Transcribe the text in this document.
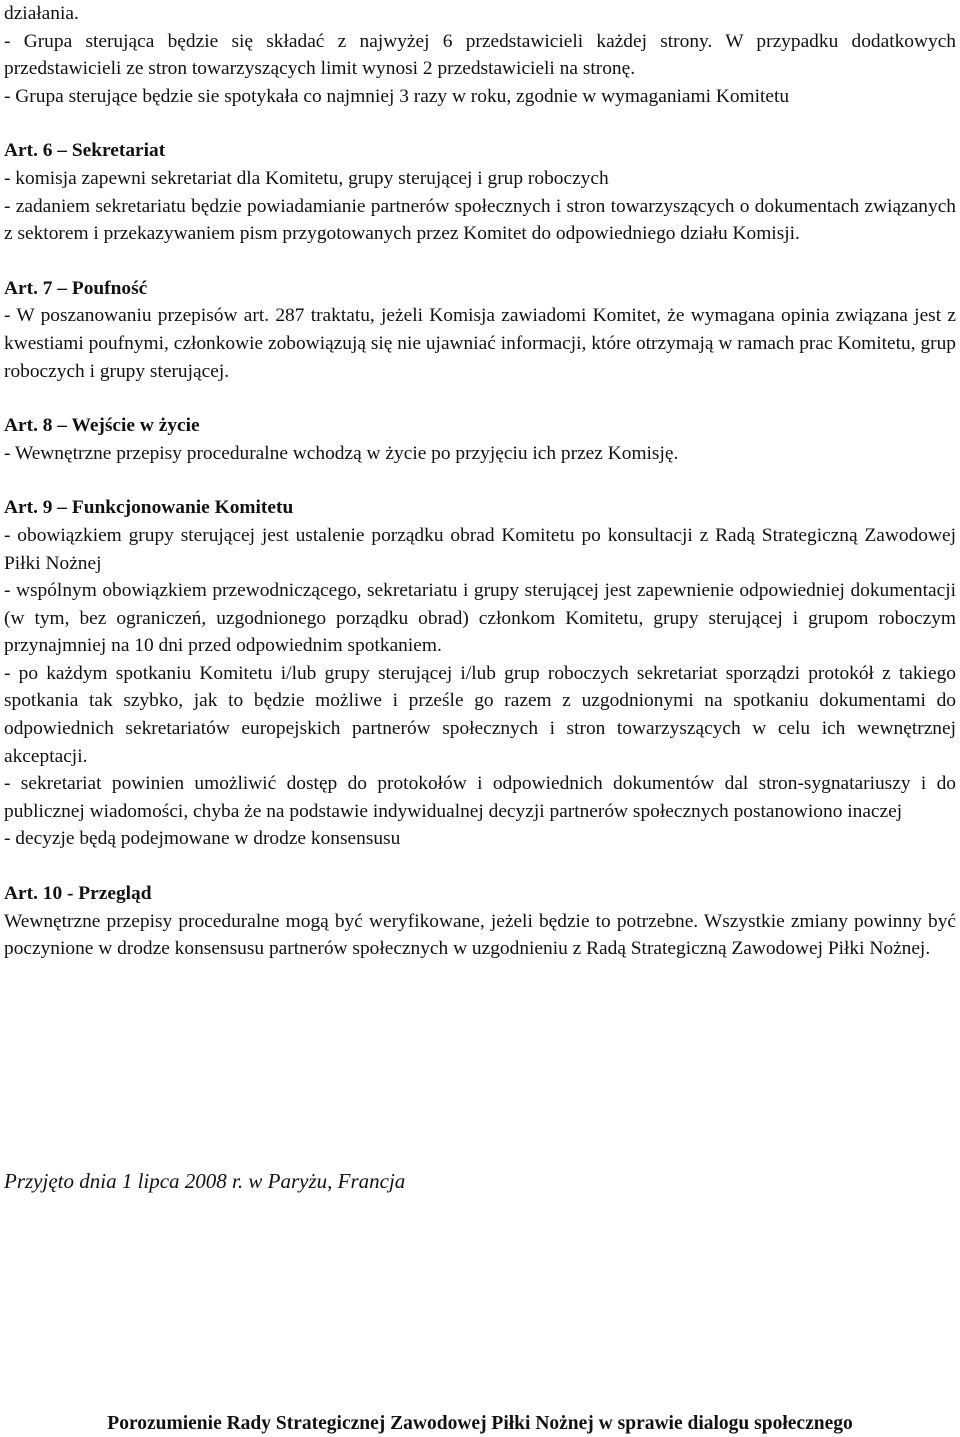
działania.

- Grupa sterująca będzie się składać z najwyżej 6 przedstawicieli każdej strony. W przypadku dodatkowych przedstawicieli ze stron towarzyszących limit wynosi 2 przedstawicieli na stronę.

- Grupa sterujące będzie sie spotykała co najmniej 3 razy w roku, zgodnie w wymaganiami Komitetu

Art. 6 – Sekretariat

- komisja zapewni sekretariat dla Komitetu, grupy sterującej i grup roboczych

- zadaniem sekretariatu będzie powiadamianie partnerów społecznych i stron towarzyszących o dokumentach związanych z sektorem i przekazywaniem pism przygotowanych przez Komitet do odpowiedniego działu Komisji.

Art. 7 – Poufność

- W poszanowaniu przepisów art. 287 traktatu, jeżeli Komisja zawiadomi Komitet, że wymagana opinia związana jest z kwestiami poufnymi, członkowie zobowiązują się nie ujawniać informacji, które otrzymają w ramach prac Komitetu, grup roboczych i grupy sterującej.

Art. 8 – Wejście w życie

- Wewnętrzne przepisy proceduralne wchodzą w życie po przyjęciu ich przez Komisję.

Art. 9 – Funkcjonowanie Komitetu

- obowiązkiem grupy sterującej jest ustalenie porządku obrad Komitetu po konsultacji z Radą Strategiczną Zawodowej Piłki Nożnej

- wspólnym obowiązkiem przewodniczącego, sekretariatu i grupy sterującej jest zapewnienie odpowiedniej dokumentacji (w tym, bez ograniczeń, uzgodnionego porządku obrad) członkom Komitetu, grupy sterującej i grupom roboczym przynajmniej na 10 dni przed odpowiednim spotkaniem.

- po każdym spotkaniu Komitetu i/lub grupy sterującej i/lub grup roboczych sekretariat sporządzi protokół z takiego spotkania tak szybko, jak to będzie możliwe i prześle go razem z uzgodnionymi na spotkaniu dokumentami do odpowiednich sekretariatów europejskich partnerów społecznych i stron towarzyszących w celu ich wewnętrznej akceptacji.

- sekretariat powinien umożliwić dostęp do protokołów i odpowiednich dokumentów dal stron-sygnatariuszy i do publicznej wiadomości, chyba że na podstawie indywidualnej decyzji partnerów społecznych postanowiono inaczej

- decyzje będą podejmowane w drodze konsensusu

Art. 10 - Przegląd

Wewnętrzne przepisy proceduralne mogą być weryfikowane, jeżeli będzie to potrzebne. Wszystkie zmiany powinny być poczynione w drodze konsensusu partnerów społecznych w uzgodnieniu z Radą Strategiczną Zawodowej Piłki Nożnej.

Przyjęto dnia 1 lipca 2008 r. w Paryżu, Francja

Porozumienie Rady Strategicznej Zawodowej Piłki Nożnej w sprawie dialogu społecznego
